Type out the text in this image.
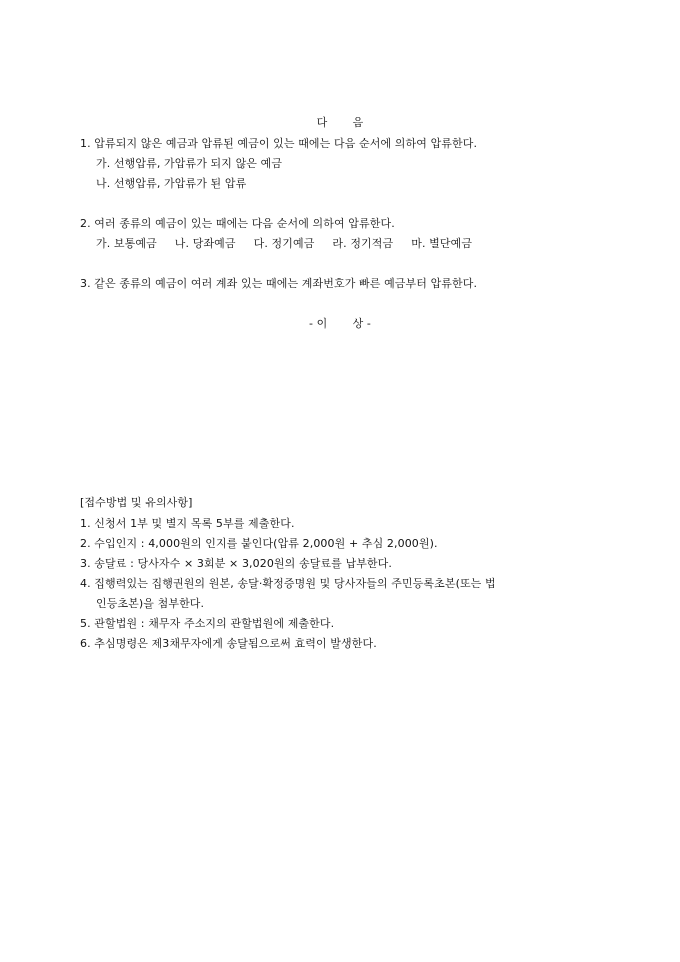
다       음
1. 압류되지 않은 예금과 압류된 예금이 있는 때에는 다음 순서에 의하여 압류한다.
가. 선행압류, 가압류가 되지 않은 예금
나. 선행압류, 가압류가 된 압류
2. 여러 종류의 예금이 있는 때에는 다음 순서에 의하여 압류한다.
가. 보통예금     나. 당좌예금     다. 정기예금     라. 정기적금     마. 별단예금
3. 같은 종류의 예금이 여러 계좌 있는 때에는 계좌번호가 빠른 예금부터 압류한다.
- 이       상 -
[접수방법 및 유의사항]
1. 신청서 1부 및 별지 목록 5부를 제출한다.
2. 수입인지 : 4,000원의 인지를 붙인다(압류 2,000원 + 추심 2,000원).
3. 송달료 : 당사자수 × 3회분 × 3,020원의 송달료를 납부한다.
4. 집행력있는 집행권원의 원본, 송달·확정증명원 및 당사자들의 주민등록초본(또는 법
인등초본)을 첨부한다.
5. 관할법원 : 채무자 주소지의 관할법원에 제출한다.
6. 추심명령은 제3채무자에게 송달됨으로써 효력이 발생한다.
